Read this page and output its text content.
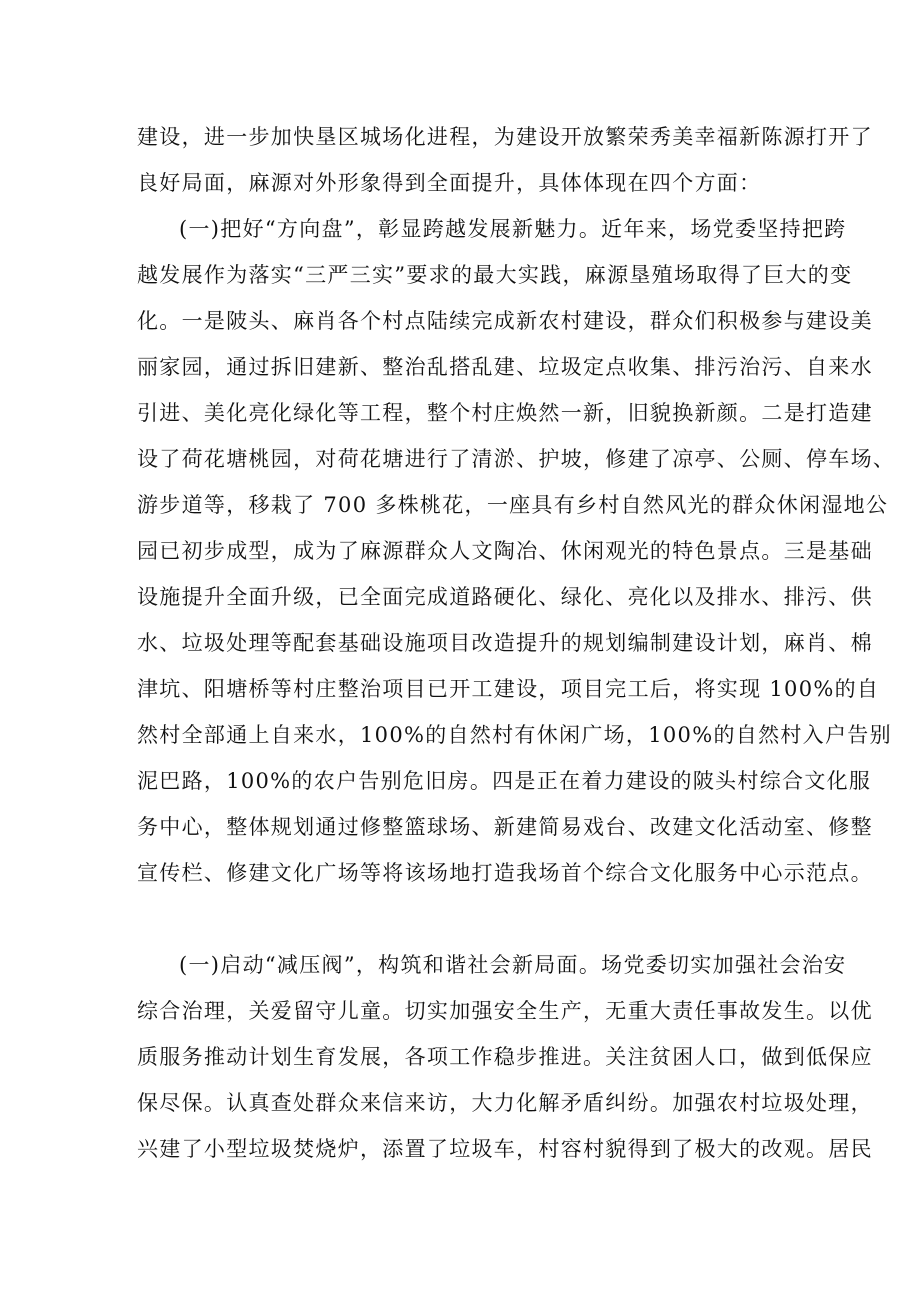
建设，进一步加快垦区城场化进程，为建设开放繁荣秀美幸福新陈源打开了
良好局面，麻源对外形象得到全面提升，具体体现在四个方面：
(一)把好“方向盘”，彰显跨越发展新魅力。近年来，场党委坚持把跨
越发展作为落实“三严三实”要求的最大实践，麻源垦殖场取得了巨大的变
化。一是陂头、麻肖各个村点陆续完成新农村建设，群众们积极参与建设美
丽家园，通过拆旧建新、整治乱搭乱建、垃圾定点收集、排污治污、自来水
引进、美化亮化绿化等工程，整个村庄焕然一新，旧貌换新颜。二是打造建
设了荷花塘桃园，对荷花塘进行了清淤、护坡，修建了凉亭、公厕、停车场、
游步道等，移栽了 700 多株桃花，一座具有乡村自然风光的群众休闲湿地公
园已初步成型，成为了麻源群众人文陶冶、休闲观光的特色景点。三是基础
设施提升全面升级，已全面完成道路硬化、绿化、亮化以及排水、排污、供
水、垃圾处理等配套基础设施项目改造提升的规划编制建设计划，麻肖、棉
津坑、阳塘桥等村庄整治项目已开工建设，项目完工后，将实现 100%的自
然村全部通上自来水，100%的自然村有休闲广场，100%的自然村入户告别
泥巴路，100%的农户告别危旧房。四是正在着力建设的陂头村综合文化服
务中心，整体规划通过修整篮球场、新建简易戏台、改建文化活动室、修整
宣传栏、修建文化广场等将该场地打造我场首个综合文化服务中心示范点。
(一)启动“减压阀”，构筑和谐社会新局面。场党委切实加强社会治安
综合治理，关爱留守儿童。切实加强安全生产，无重大责任事故发生。以优
质服务推动计划生育发展，各项工作稳步推进。关注贫困人口，做到低保应
保尽保。认真查处群众来信来访，大力化解矛盾纠纷。加强农村垃圾处理，
兴建了小型垃圾焚烧炉，添置了垃圾车，村容村貌得到了极大的改观。居民
